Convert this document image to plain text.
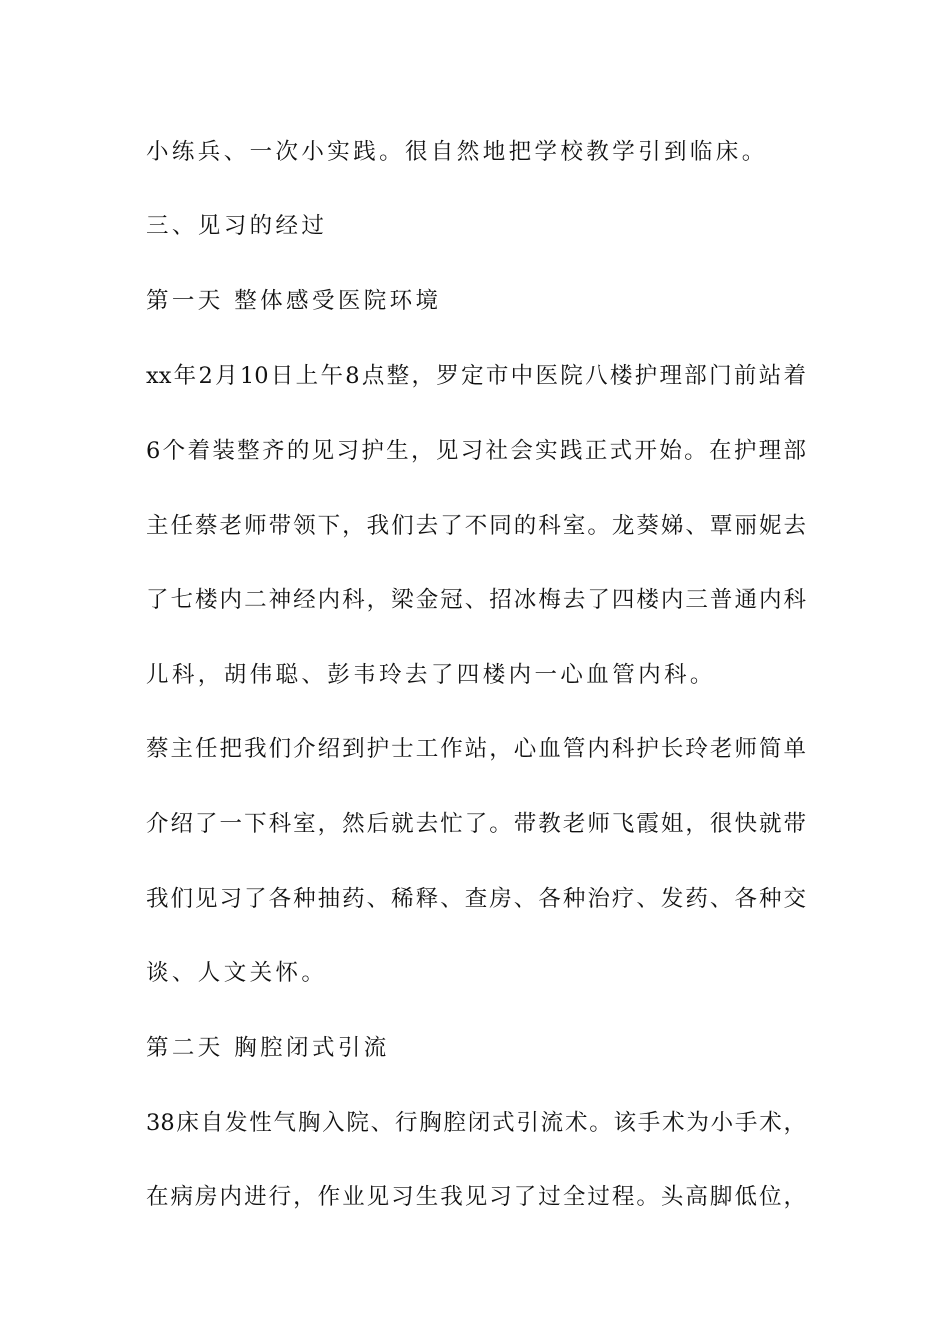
小练兵、一次小实践。很自然地把学校教学引到临床。
三、见习的经过
第一天 整体感受医院环境
xx年2月10日上午8点整，罗定市中医院八楼护理部门前站着
6个着装整齐的见习护生，见习社会实践正式开始。在护理部
主任蔡老师带领下，我们去了不同的科室。龙葵娣、覃丽妮去
了七楼内二神经内科，梁金冠、招冰梅去了四楼内三普通内科
儿科，胡伟聪、彭韦玲去了四楼内一心血管内科。
蔡主任把我们介绍到护士工作站，心血管内科护长玲老师简单
介绍了一下科室，然后就去忙了。带教老师飞霞姐，很快就带
我们见习了各种抽药、稀释、查房、各种治疗、发药、各种交
谈、人文关怀。
第二天 胸腔闭式引流
38床自发性气胸入院、行胸腔闭式引流术。该手术为小手术，
在病房内进行，作业见习生我见习了过全过程。头高脚低位，
